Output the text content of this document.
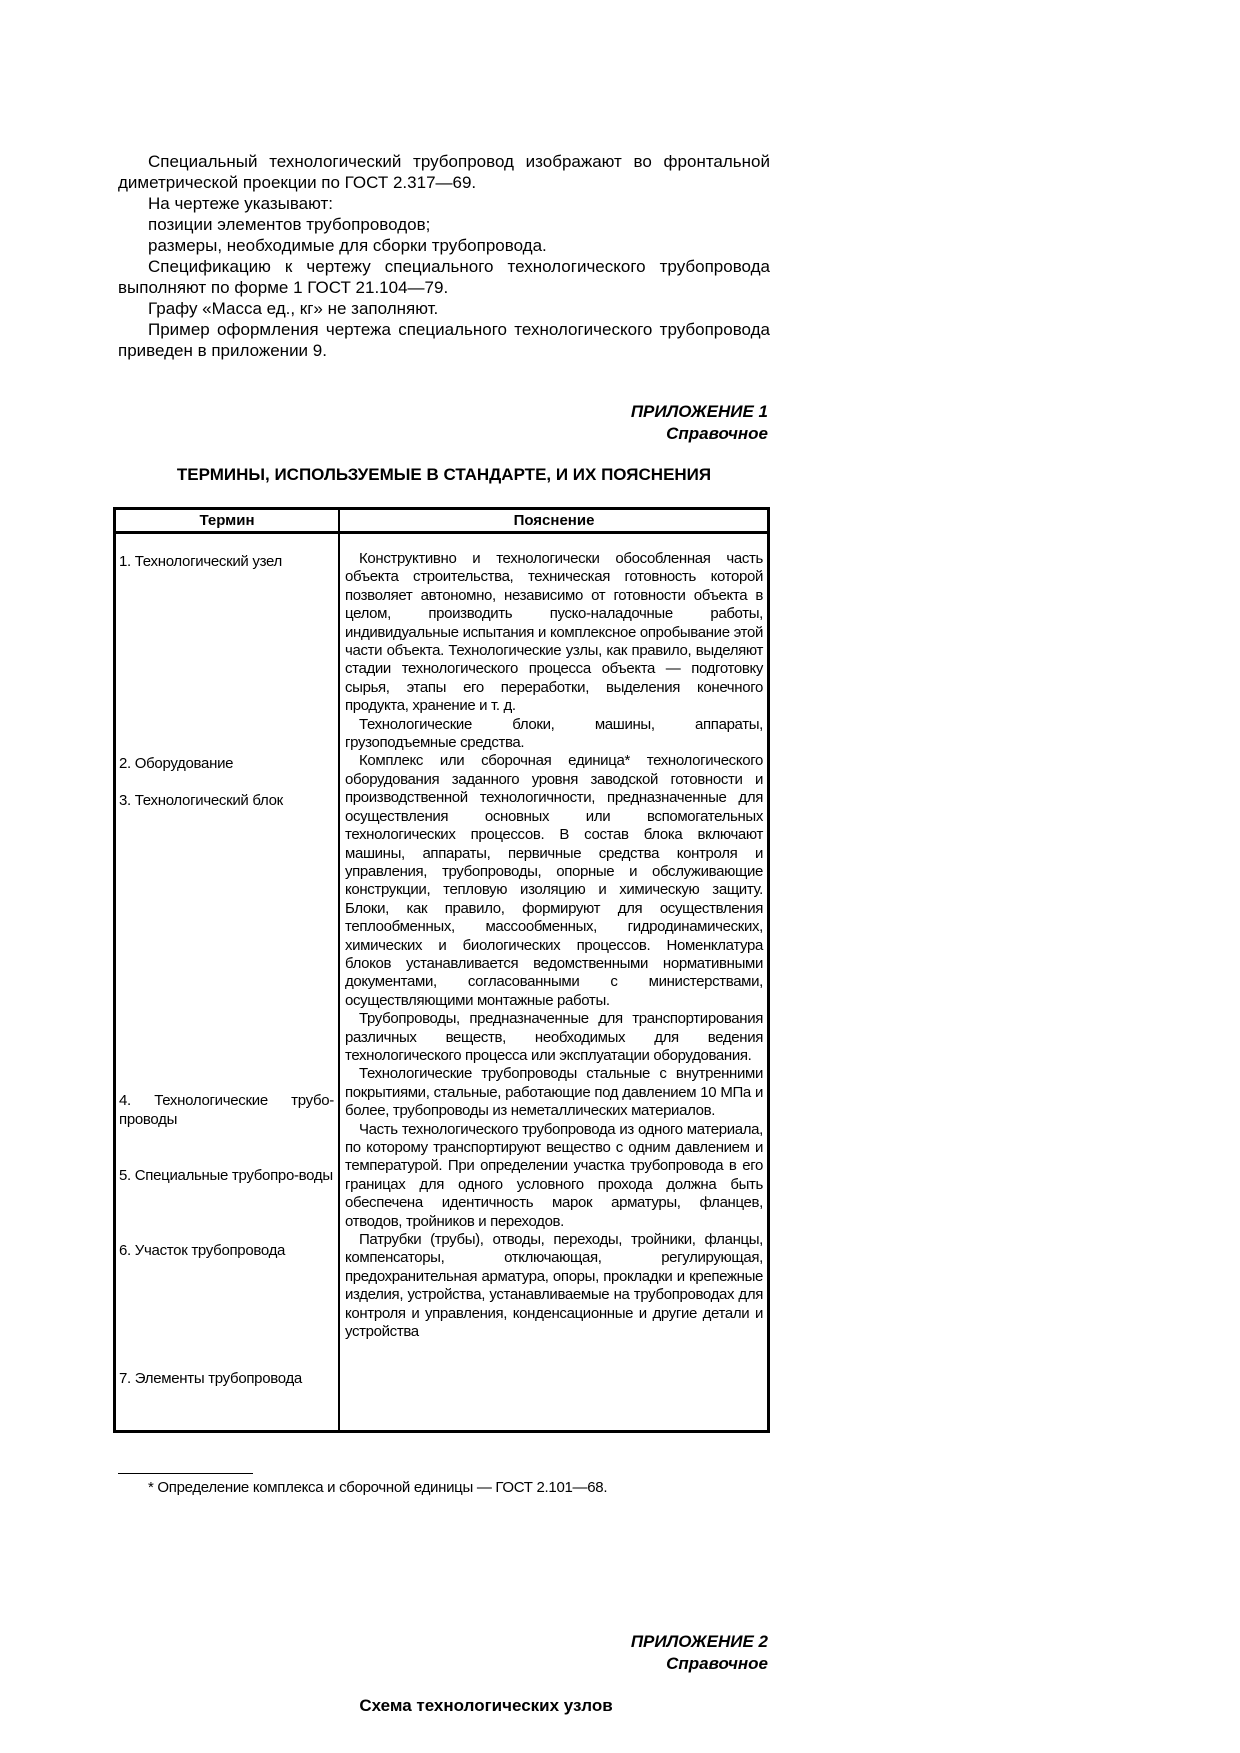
Специальный технологический трубопровод изображают во фронтальной диметрической проекции по ГОСТ 2.317—69.

На чертеже указывают:

позиции элементов трубопроводов;

размеры, необходимые для сборки трубопровода.

Спецификацию к чертежу специального технологического трубопровода выполняют по форме 1 ГОСТ 21.104—79.

Графу «Масса ед., кг» не заполняют.

Пример оформления чертежа специального технологического трубопровода приведен в приложении 9.

ПРИЛОЖЕНИЕ 1
Справочное
ТЕРМИНЫ, ИСПОЛЬЗУЕМЫЕ В СТАНДАРТЕ, И ИХ ПОЯСНЕНИЯ
Термин	Пояснение
1. Технологический узел
2. Оборудование
3. Технологический блок
4. Технологические трубо-проводы
5. Специальные трубопро-воды
6. Участок трубопровода
7. Элементы трубопровода

Конструктивно и технологически обособленная часть объекта строительства, техническая готовность которой позволяет автономно, независимо от готовности объекта в целом, производить пуско-наладочные работы, индивидуальные испытания и комплексное опробывание этой части объекта. Технологические узлы, как правило, выделяют стадии технологического процесса объекта — подготовку сырья, этапы его переработки, выделения конечного продукта, хранение и т. д.

Технологические блоки, машины, аппараты, грузоподъемные средства.

Комплекс или сборочная единица* технологического оборудования заданного уровня заводской готовности и производственной технологичности, предназначенные для осуществления основных или вспомогательных технологических процессов. В состав блока включают машины, аппараты, первичные средства контроля и управления, трубопроводы, опорные и обслуживающие конструкции, тепловую изоляцию и химическую защиту. Блоки, как правило, формируют для осуществления теплообменных, массообменных, гидродинамических, химических и биологических процессов. Номенклатура блоков устанавливается ведомственными нормативными документами, согласованными с министерствами, осуществляющими монтажные работы.

Трубопроводы, предназначенные для транспортирования различных веществ, необходимых для ведения технологического процесса или эксплуатации оборудования.

Технологические трубопроводы стальные с внутренними покрытиями, стальные, работающие под давлением 10 МПа и более, трубопроводы из неметаллических материалов.

Часть технологического трубопровода из одного материала, по которому транспортируют вещество с одним давлением и температурой. При определении участка трубопровода в его границах для одного условного прохода должна быть обеспечена идентичность марок арматуры, фланцев, отводов, тройников и переходов.

Патрубки (трубы), отводы, переходы, тройники, фланцы, компенсаторы, отключающая, регулирующая, предохранительная арматура, опоры, прокладки и крепежные изделия, устройства, устанавливаемые на трубопроводах для контроля и управления, конденсационные и другие детали и устройства

* Определение комплекса и сборочной единицы — ГОСТ 2.101—68.
ПРИЛОЖЕНИЕ 2
Справочное
Схема технологических узлов
